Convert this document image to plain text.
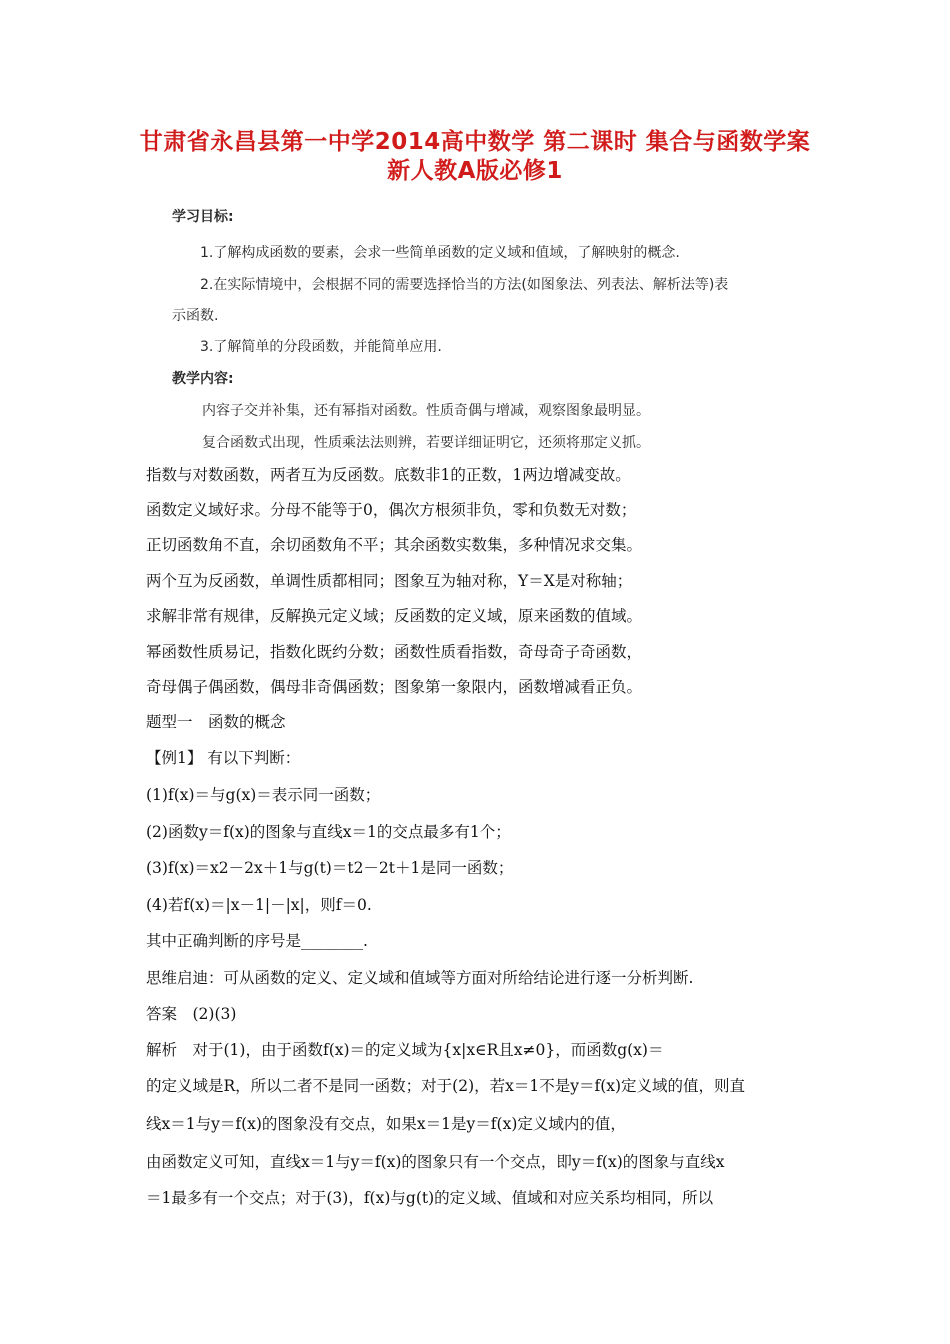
甘肃省永昌县第一中学2014高中数学 第二课时 集合与函数学案
新人教A版必修1
学习目标:
1.了解构成函数的要素，会求一些简单函数的定义域和值域，了解映射的概念.
2.在实际情境中，会根据不同的需要选择恰当的方法(如图象法、列表法、解析法等)表
示函数.
3.了解简单的分段函数，并能简单应用.
教学内容:
内容子交并补集，还有幂指对函数。性质奇偶与增减，观察图象最明显。
复合函数式出现，性质乘法法则辨，若要详细证明它，还须将那定义抓。
指数与对数函数，两者互为反函数。底数非1的正数，1两边增减变故。
函数定义域好求。分母不能等于0，偶次方根须非负，零和负数无对数；
正切函数角不直，余切函数角不平；其余函数实数集，多种情况求交集。
两个互为反函数，单调性质都相同；图象互为轴对称，Y＝X是对称轴；
求解非常有规律，反解换元定义域；反函数的定义域，原来函数的值域。
幂函数性质易记，指数化既约分数；函数性质看指数，奇母奇子奇函数，
奇母偶子偶函数，偶母非奇偶函数；图象第一象限内，函数增减看正负。
题型一　函数的概念
【例1】 有以下判断：
(1)f(x)＝与g(x)＝表示同一函数；
(2)函数y＝f(x)的图象与直线x＝1的交点最多有1个；
(3)f(x)＝x2－2x＋1与g(t)＝t2－2t＋1是同一函数；
(4)若f(x)＝|x－1|－|x|，则f＝0.
其中正确判断的序号是________.
思维启迪：可从函数的定义、定义域和值域等方面对所给结论进行逐一分析判断.
答案　(2)(3)
解析　对于(1)，由于函数f(x)＝的定义域为{x|x∈R且x≠0}，而函数g(x)＝
的定义域是R，所以二者不是同一函数；对于(2)，若x＝1不是y＝f(x)定义域的值，则直
线x＝1与y＝f(x)的图象没有交点，如果x＝1是y＝f(x)定义域内的值，
由函数定义可知，直线x＝1与y＝f(x)的图象只有一个交点，即y＝f(x)的图象与直线x
＝1最多有一个交点；对于(3)，f(x)与g(t)的定义域、值域和对应关系均相同，所以
